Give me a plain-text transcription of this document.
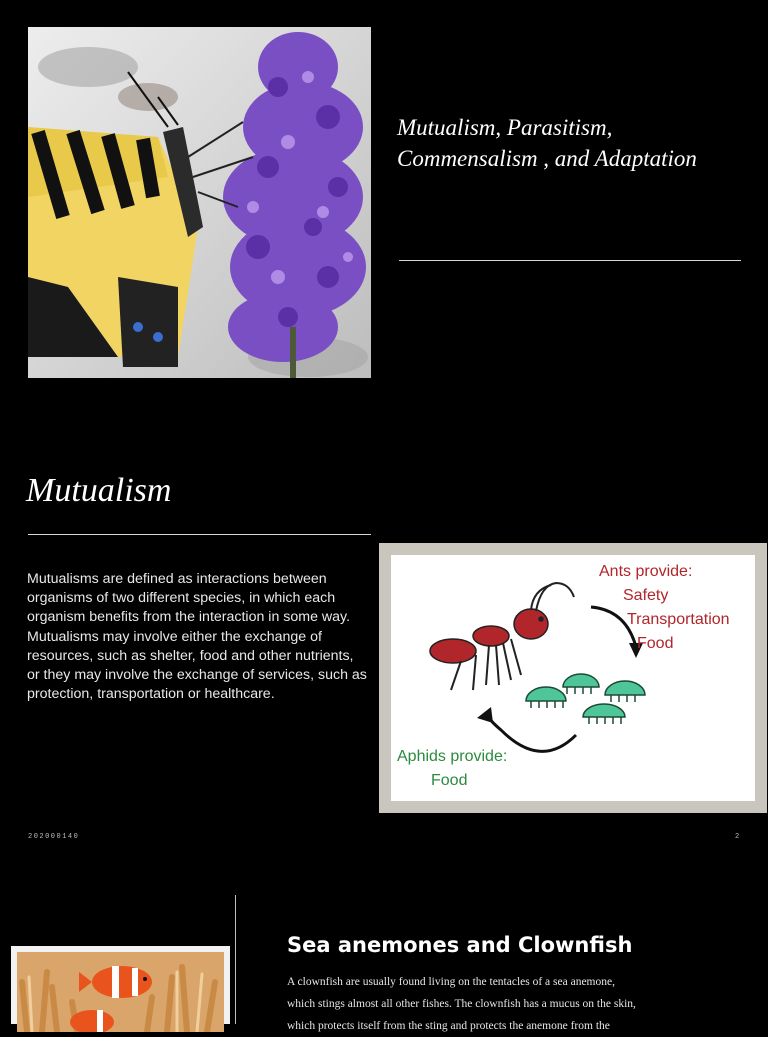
Mutualism, Parasitism,
Commensalism , and Adaptation
Mutualism
Mutualisms are defined as interactions between organisms of two different species, in which each organism benefits from the interaction in some way. Mutualisms may involve either the exchange of resources, such as shelter, food and other nutrients, or they may involve the exchange of services, such as protection, transportation or healthcare.
Ants provide:
Safety
Transportation
Food
Aphids provide:
Food
202000140	2
Sea anemones and Clownfish
A clownfish are usually found living on the tentacles of a sea anemone,
which stings almost all other fishes. The clownfish has a mucus on the skin,
which protects itself from the sting and protects the anemone from the
